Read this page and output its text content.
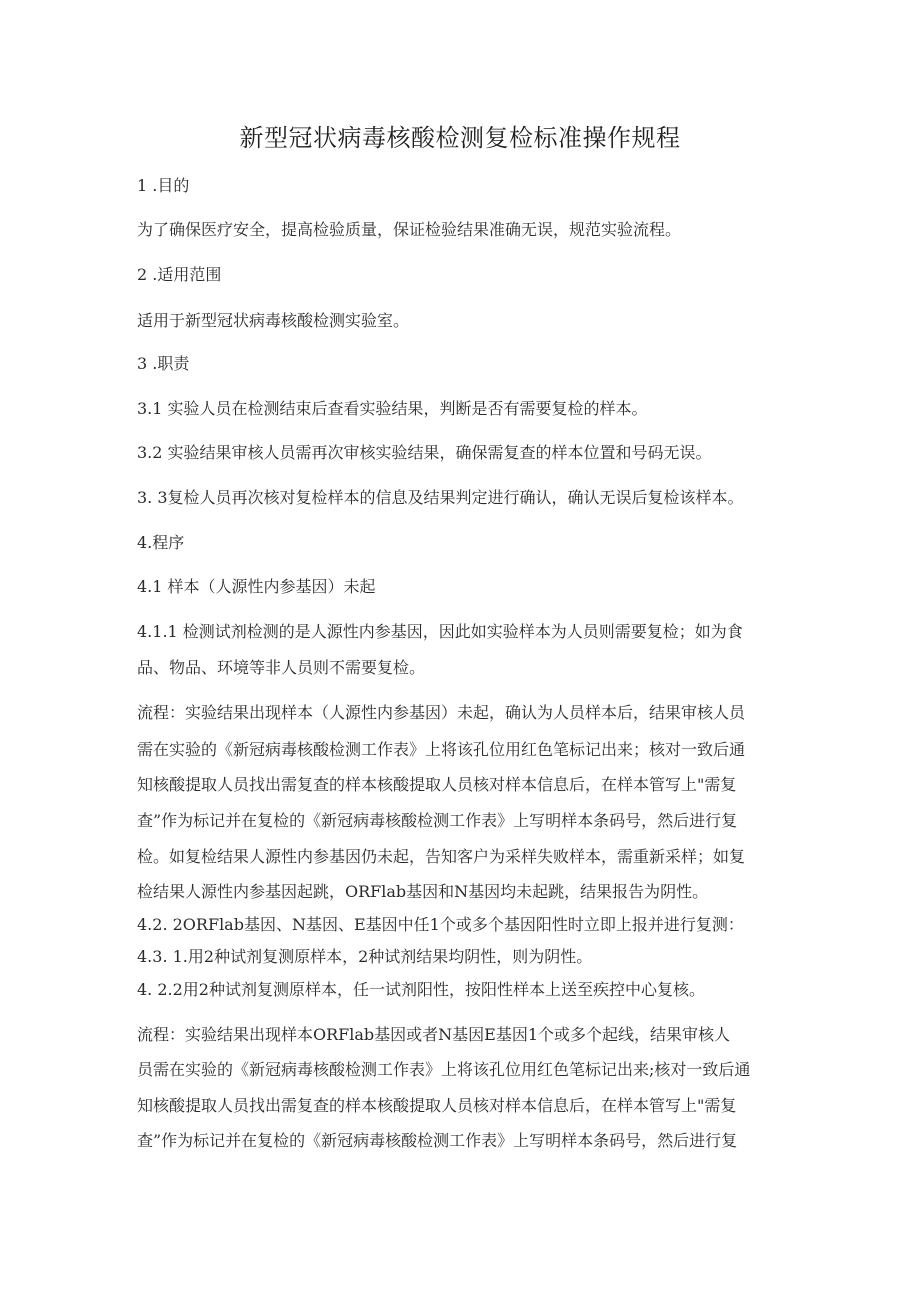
新型冠状病毒核酸检测复检标准操作规程
1 .目的
为了确保医疗安全，提高检验质量，保证检验结果准确无误，规范实验流程。
2 .适用范围
适用于新型冠状病毒核酸检测实验室。
3 .职责
3.1 实验人员在检测结束后查看实验结果，判断是否有需要复检的样本。
3.2 实验结果审核人员需再次审核实验结果，确保需复查的样本位置和号码无误。
3. 3复检人员再次核对复检样本的信息及结果判定进行确认，确认无误后复检该样本。
4.程序
4.1 样本（人源性内参基因）未起
4.1.1 检测试剂检测的是人源性内参基因，因此如实验样本为人员则需要复检；如为食
品、物品、环境等非人员则不需要复检。
流程：实验结果出现样本（人源性内参基因）未起，确认为人员样本后，结果审核人员
需在实验的《新冠病毒核酸检测工作表》上将该孔位用红色笔标记出来；核对一致后通
知核酸提取人员找出需复查的样本核酸提取人员核对样本信息后，在样本管写上"需复
查”作为标记并在复检的《新冠病毒核酸检测工作表》上写明样本条码号，然后进行复
检。如复检结果人源性内参基因仍未起，告知客户为采样失败样本，需重新采样；如复
检结果人源性内参基因起跳，ORFlab基因和N基因均未起跳，结果报告为阴性。
4.2. 2ORFlab基因、N基因、E基因中任1个或多个基因阳性时立即上报并进行复测：
4.3. 1.用2种试剂复测原样本，2种试剂结果均阴性，则为阴性。
4. 2.2用2种试剂复测原样本，任一试剂阳性，按阳性样本上送至疾控中心复核。
流程：实验结果出现样本ORFlab基因或者N基因E基因1个或多个起线，结果审核人
员需在实验的《新冠病毒核酸检测工作表》上将该孔位用红色笔标记出来;核对一致后通
知核酸提取人员找出需复查的样本核酸提取人员核对样本信息后，在样本管写上"需复
查”作为标记并在复检的《新冠病毒核酸检测工作表》上写明样本条码号，然后进行复
